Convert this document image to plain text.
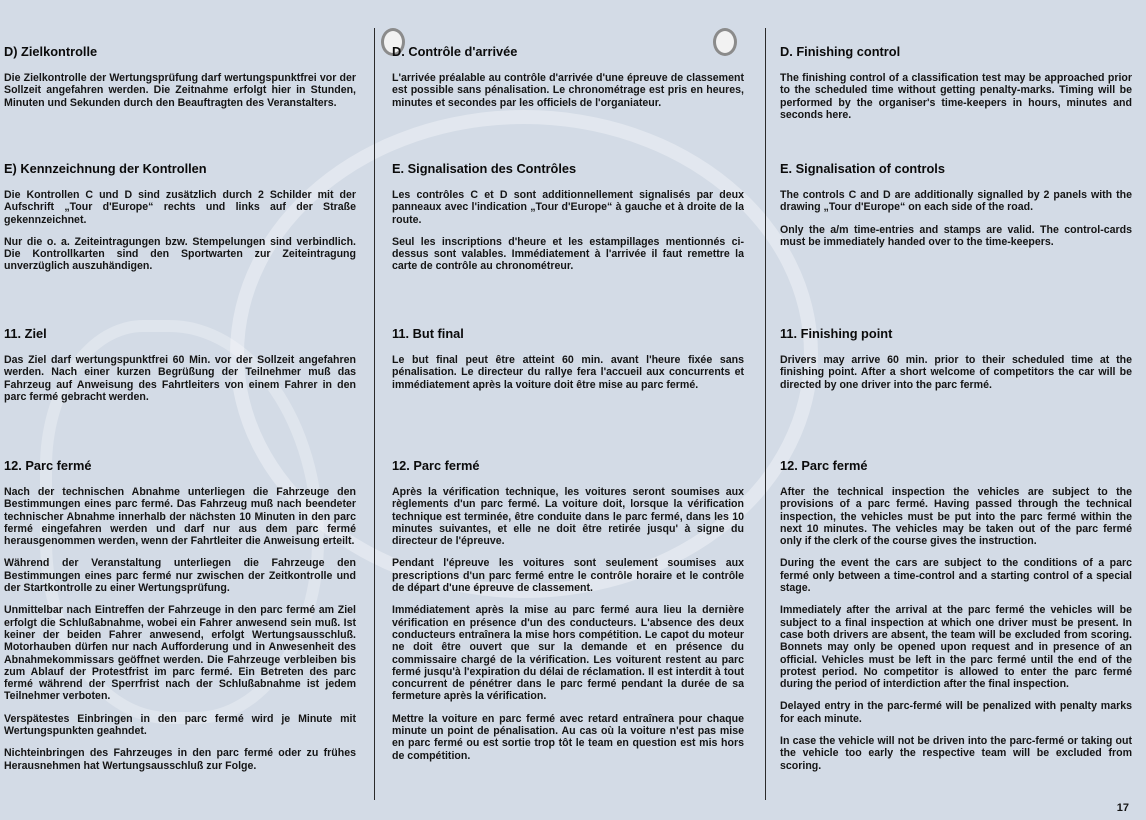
D) Zielkontrolle

Die Zielkontrolle der Wertungsprüfung darf wertungspunktfrei vor der Sollzeit angefahren werden. Die Zeitnahme erfolgt hier in Stunden, Minuten und Sekunden durch den Beauftragten des Veranstalters.

E) Kennzeichnung der Kontrollen

Die Kontrollen C und D sind zusätzlich durch 2 Schilder mit der Aufschrift „Tour d'Europe“ rechts und links auf der Straße gekennzeichnet.

Nur die o. a. Zeiteintragungen bzw. Stempelungen sind verbindlich. Die Kontrollkarten sind den Sportwarten zur Zeiteintragung unverzüglich auszuhändigen.

11. Ziel

Das Ziel darf wertungspunktfrei 60 Min. vor der Sollzeit angefahren werden. Nach einer kurzen Begrüßung der Teilnehmer muß das Fahrzeug auf Anweisung des Fahrtleiters von einem Fahrer in den parc fermé gebracht werden.

12. Parc fermé

Nach der technischen Abnahme unterliegen die Fahrzeuge den Bestimmungen eines parc fermé. Das Fahrzeug muß nach beendeter technischer Abnahme innerhalb der nächsten 10 Minuten in den parc fermé eingefahren werden und darf nur aus dem parc fermé herausgenommen werden, wenn der Fahrtleiter die Anweisung erteilt.

Während der Veranstaltung unterliegen die Fahrzeuge den Bestimmungen eines parc fermé nur zwischen der Zeitkontrolle und der Startkontrolle zu einer Wertungsprüfung.

Unmittelbar nach Eintreffen der Fahrzeuge in den parc fermé am Ziel erfolgt die Schlußabnahme, wobei ein Fahrer anwesend sein muß. Ist keiner der beiden Fahrer anwesend, erfolgt Wertungsausschluß. Motorhauben dürfen nur nach Aufforderung und in Anwesenheit des Abnahmekommissars geöffnet werden. Die Fahrzeuge verbleiben bis zum Ablauf der Protestfrist im parc fermé. Ein Betreten des parc fermé während der Sperrfrist nach der Schlußabnahme ist jedem Teilnehmer verboten.

Verspätestes Einbringen in den parc fermé wird je Minute mit Wertungspunkten geahndet.

Nichteinbringen des Fahrzeuges in den parc fermé oder zu frühes Herausnehmen hat Wertungsausschluß zur Folge.

D. Contrôle d'arrivée

L'arrivée préalable au contrôle d'arrivée d'une épreuve de classement est possible sans pénalisation. Le chronométrage est pris en heures, minutes et secondes par les officiels de l'organiateur.

E. Signalisation des Contrôles

Les contrôles C et D sont additionnellement signalisés par deux panneaux avec l'indication „Tour d'Europe“ à gauche et à droite de la route.

Seul les inscriptions d'heure et les estampillages mentionnés ci- dessus sont valables. Immédiatement à l'arrivée il faut remettre la carte de contrôle au chronométreur.

11. But final

Le but final peut être atteint 60 min. avant l'heure fixée sans pénalisation. Le directeur du rallye fera l'accueil aux concurrents et immédiatement après la voiture doit être mise au parc fermé.

12. Parc fermé

Après la vérification technique, les voitures seront soumises aux règlements d'un parc fermé. La voiture doit, lorsque la vérification technique est terminée, être conduite dans le parc fermé, dans les 10 minutes suivantes, et elle ne doit être retirée jusqu' à signe du directeur de l'épreuve.

Pendant l'épreuve les voitures sont seulement soumises aux prescriptions d'un parc fermé entre le contrôle horaire et le contrôle de départ d'une épreuve de classement.

Immédiatement après la mise au parc fermé aura lieu la dernière vérification en présence d'un des conducteurs. L'absence des deux conducteurs entraînera la mise hors compétition. Le capot du moteur ne doit être ouvert que sur la demande et en présence du commissaire chargé de la vérification. Les voiturent restent au parc fermé jusqu'à l'expiration du délai de réclamation. Il est interdit à tout concurrent de pénétrer dans le parc fermé pendant la durée de sa fermeture après la vérification.

Mettre la voiture en parc fermé avec retard entraînera pour chaque minute un point de pénalisation. Au cas où la voiture n'est pas mise en parc fermé ou est sortie trop tôt le team en question est mis hors de compétition.

D. Finishing control

The finishing control of a classification test may be approached prior to the scheduled time without getting penalty-marks. Timing will be performed by the organiser's time-keepers in hours, minutes and seconds here.

E. Signalisation of controls

The controls C and D are additionally signalled by 2 panels with the drawing „Tour d'Europe“ on each side of the road.

Only the a/m time-entries and stamps are valid. The control-cards must be immediately handed over to the time-keepers.

11. Finishing point

Drivers may arrive 60 min. prior to their scheduled time at the finishing point. After a short welcome of competitors the car will be directed by one driver into the parc fermé.

12. Parc fermé

After the technical inspection the vehicles are subject to the provisions of a parc fermé. Having passed through the technical inspection, the vehicles must be put into the parc fermé within the next 10 minutes. The vehicles may be taken out of the parc fermé only if the clerk of the course gives the instruction.

During the event the cars are subject to the conditions of a parc fermé only between a time-control and a starting control of a special stage.

Immediately after the arrival at the parc fermé the vehicles will be subject to a final inspection at which one driver must be present. In case both drivers are absent, the team will be excluded from scoring. Bonnets may only be opened upon request and in presence of an official. Vehicles must be left in the parc fermé until the end of the protest period. No competitor is allowed to enter the parc fermé during the period of interdiction after the final inspection.

Delayed entry in the parc-fermé will be penalized with penalty marks for each minute.

In case the vehicle will not be driven into the parc-fermé or taking out the vehicle too early the respective team will be excluded from scoring.

17
